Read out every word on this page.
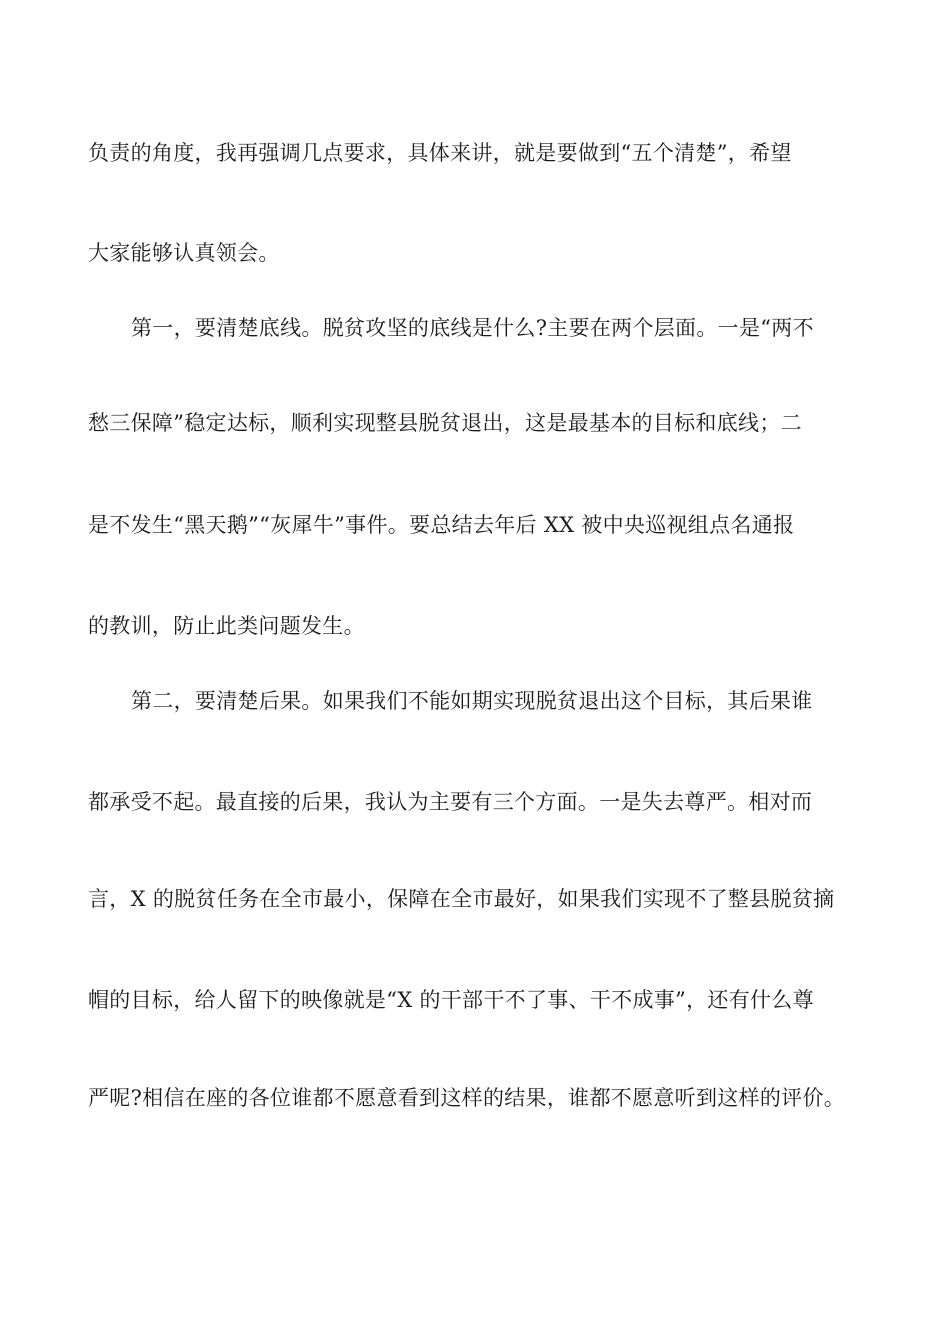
负责的角度，我再强调几点要求，具体来讲，就是要做到“五个清楚”，希望
大家能够认真领会。
第一，要清楚底线。脱贫攻坚的底线是什么?主要在两个层面。一是“两不
愁三保障”稳定达标，顺利实现整县脱贫退出，这是最基本的目标和底线；二
是不发生“黑天鹅”“灰犀牛”事件。要总结去年后 XX 被中央巡视组点名通报
的教训，防止此类问题发生。
第二，要清楚后果。如果我们不能如期实现脱贫退出这个目标，其后果谁
都承受不起。最直接的后果，我认为主要有三个方面。一是失去尊严。相对而
言，X 的脱贫任务在全市最小，保障在全市最好，如果我们实现不了整县脱贫摘
帽的目标，给人留下的映像就是“X 的干部干不了事、干不成事”，还有什么尊
严呢?相信在座的各位谁都不愿意看到这样的结果，谁都不愿意听到这样的评价。
